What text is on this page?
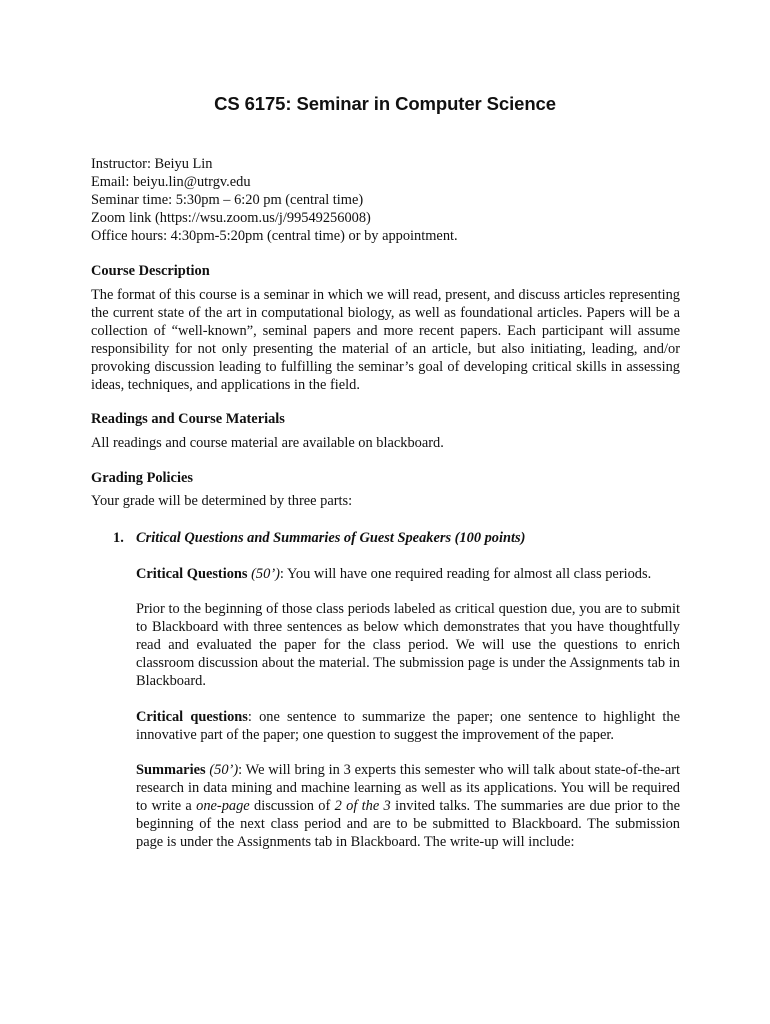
CS 6175: Seminar in Computer Science
Instructor: Beiyu Lin
Email: beiyu.lin@utrgv.edu
Seminar time: 5:30pm – 6:20 pm (central time)
Zoom link (https://wsu.zoom.us/j/99549256008)
Office hours: 4:30pm-5:20pm (central time) or by appointment.
Course Description
The format of this course is a seminar in which we will read, present, and discuss articles representing the current state of the art in computational biology, as well as foundational articles. Papers will be a collection of “well-known”, seminal papers and more recent papers. Each participant will assume responsibility for not only presenting the material of an article, but also initiating, leading, and/or provoking discussion leading to fulfilling the seminar’s goal of developing critical skills in assessing ideas, techniques, and applications in the field.
Readings and Course Materials
All readings and course material are available on blackboard.
Grading Policies
Your grade will be determined by three parts:
1. Critical Questions and Summaries of Guest Speakers (100 points)
Critical Questions (50’): You will have one required reading for almost all class periods.
Prior to the beginning of those class periods labeled as critical question due, you are to submit to Blackboard with three sentences as below which demonstrates that you have thoughtfully read and evaluated the paper for the class period. We will use the questions to enrich classroom discussion about the material. The submission page is under the Assignments tab in Blackboard.
Critical questions: one sentence to summarize the paper; one sentence to highlight the innovative part of the paper; one question to suggest the improvement of the paper.
Summaries (50’): We will bring in 3 experts this semester who will talk about state-of-the-art research in data mining and machine learning as well as its applications. You will be required to write a one-page discussion of 2 of the 3 invited talks. The summaries are due prior to the beginning of the next class period and are to be submitted to Blackboard. The submission page is under the Assignments tab in Blackboard. The write-up will include:
